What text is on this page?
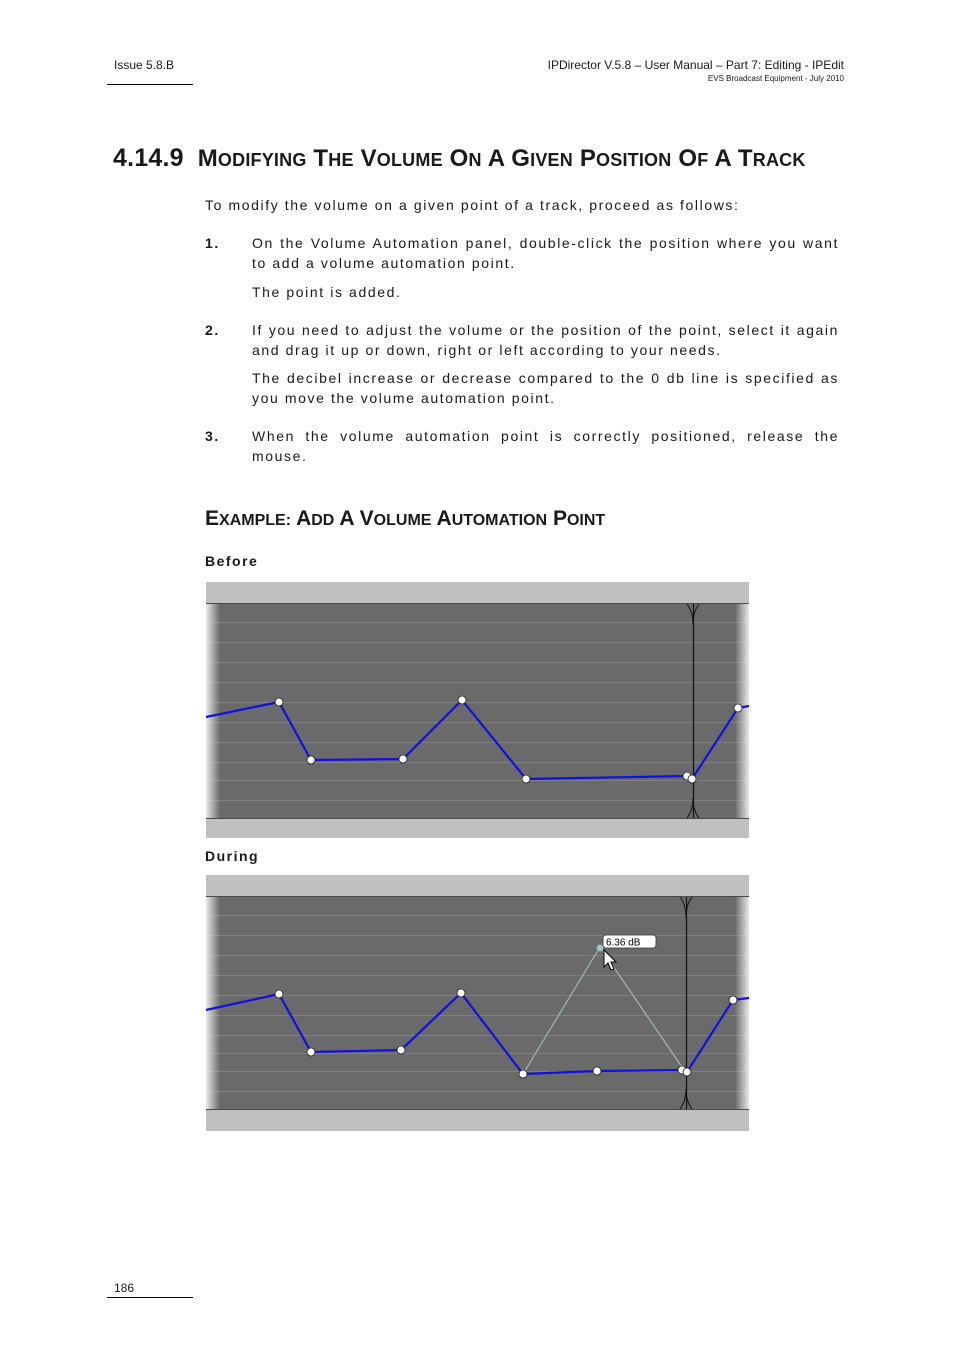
Issue 5.8.B	IPDirector V.5.8 – User Manual – Part 7: Editing - IPEdit
EVS Broadcast Equipment - July 2010
4.14.9 MODIFYING THE VOLUME ON A GIVEN POSITION OF A TRACK
To modify the volume on a given point of a track, proceed as follows:
1. On the Volume Automation panel, double-click the position where you want to add a volume automation point.
The point is added.
2. If you need to adjust the volume or the position of the point, select it again and drag it up or down, right or left according to your needs.
The decibel increase or decrease compared to the 0 db line is specified as you move the volume automation point.
3. When the volume automation point is correctly positioned, release the mouse.
EXAMPLE: ADD A VOLUME AUTOMATION POINT
Before
During
6.36 dB
186
